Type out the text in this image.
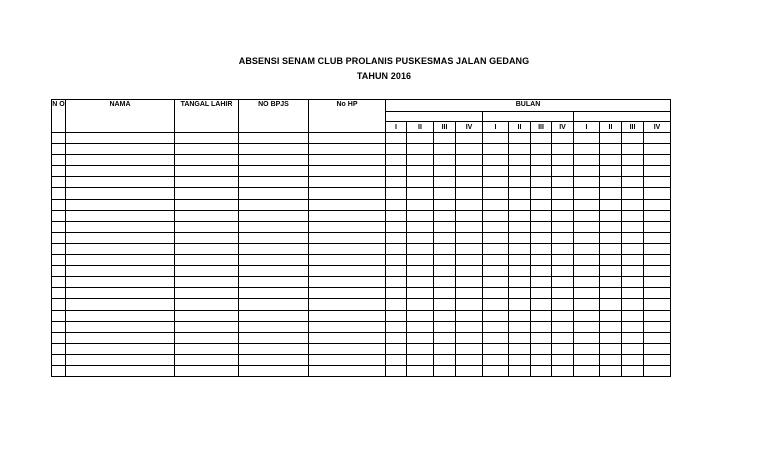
ABSENSI SENAM CLUB PROLANIS PUSKESMAS JALAN GEDANG
TAHUN 2016
N O	NAMA	TANGAL LAHIR	NO BPJS	No HP	BULAN											

					I	II	III	IV	I	II	III	IV	I	II	III	IV
